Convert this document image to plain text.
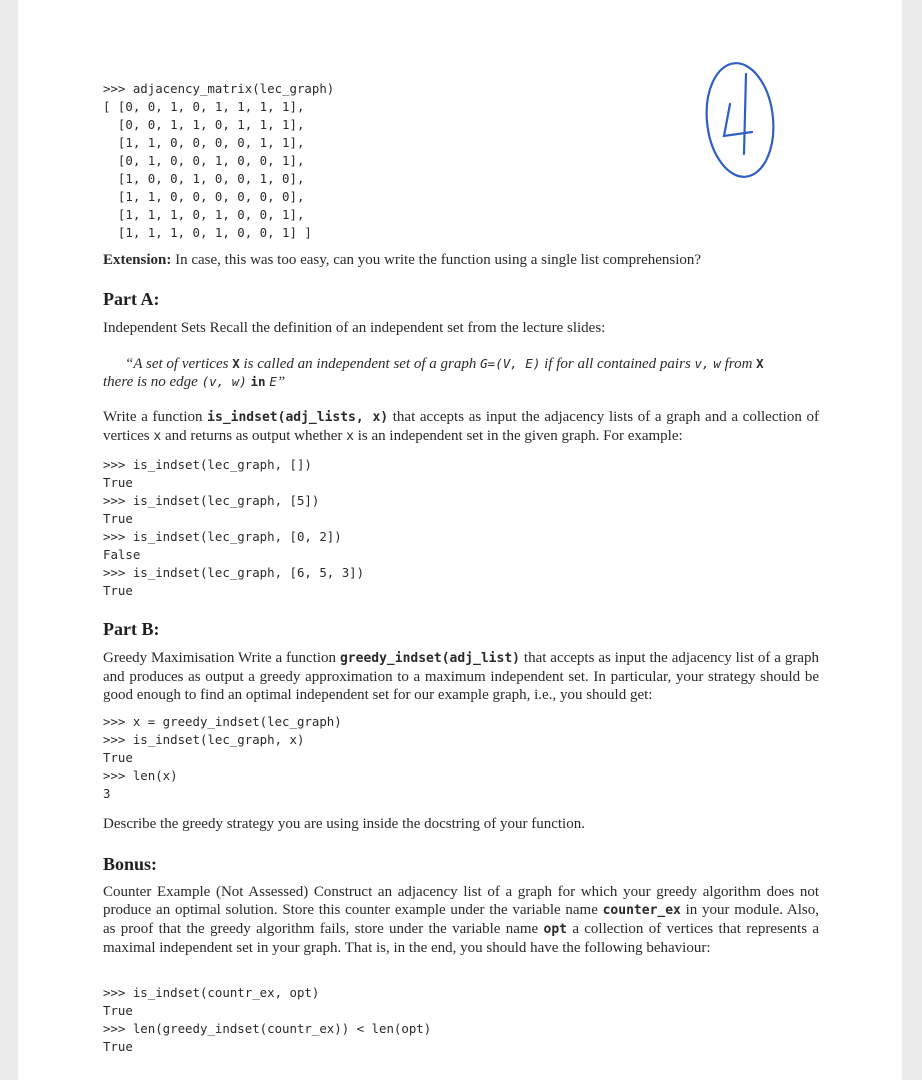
>>> adjacency_matrix(lec_graph)
[ [0, 0, 1, 0, 1, 1, 1, 1],
[0, 0, 1, 1, 0, 1, 1, 1],
[1, 1, 0, 0, 0, 0, 1, 1],
[0, 1, 0, 0, 1, 0, 0, 1],
[1, 0, 0, 1, 0, 0, 1, 0],
[1, 1, 0, 0, 0, 0, 0, 0],
[1, 1, 1, 0, 1, 0, 0, 1],
[1, 1, 1, 0, 1, 0, 0, 1] ]
Extension: In case, this was too easy, can you write the function using a single list comprehension?
Part A:
Independent Sets Recall the definition of an independent set from the lecture slides:
“A set of vertices X is called an independent set of a graph G=(V, E) if for all contained pairs v, w from X
there is no edge (v, w) in E”
Write a function is_indset(adj_lists, x) that accepts as input the adjacency lists of a graph and a collection of vertices x and returns as output whether x is an independent set in the given graph. For example:
>>> is_indset(lec_graph, [])
True
>>> is_indset(lec_graph, [5])
True
>>> is_indset(lec_graph, [0, 2])
False
>>> is_indset(lec_graph, [6, 5, 3])
True
Part B:
Greedy Maximisation Write a function greedy_indset(adj_list) that accepts as input the adjacency list of a graph and produces as output a greedy approximation to a maximum independent set. In particular, your strategy should be good enough to find an optimal independent set for our example graph, i.e., you should get:
>>> x = greedy_indset(lec_graph)
>>> is_indset(lec_graph, x)
True
>>> len(x)
3
Describe the greedy strategy you are using inside the docstring of your function.
Bonus:
Counter Example (Not Assessed) Construct an adjacency list of a graph for which your greedy algorithm does not produce an optimal solution. Store this counter example under the variable name counter_ex in your module. Also, as proof that the greedy algorithm fails, store under the variable name opt a collection of vertices that represents a maximal independent set in your graph. That is, in the end, you should have the following behaviour:
>>> is_indset(countr_ex, opt)
True
>>> len(greedy_indset(countr_ex)) < len(opt)
True
